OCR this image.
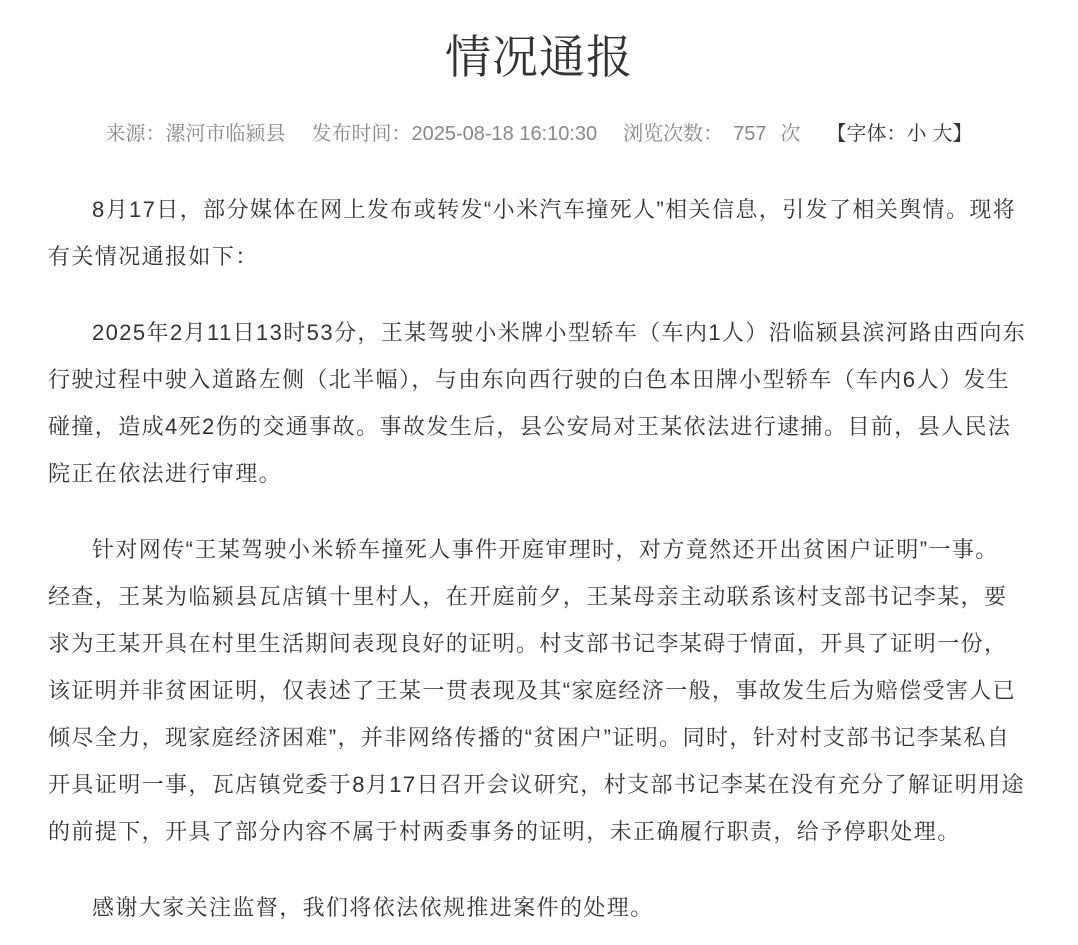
情况通报
来源： 漯河市临颍县 发布时间： 2025-08-18 16:10:30 浏览次数： 757 次 【字体： 小 大 】

8月17日，部分媒体在网上发布或转发“小米汽车撞死人”相关信息，引发了相关舆情。现将
有关情况通报如下：

2025年2月11日13时53分，王某驾驶小米牌小型轿车（车内1人）沿临颍县滨河路由西向东
行驶过程中驶入道路左侧（北半幅），与由东向西行驶的白色本田牌小型轿车（车内6人）发生
碰撞，造成4死2伤的交通事故。事故发生后，县公安局对王某依法进行逮捕。目前，县人民法
院正在依法进行审理。

针对网传“王某驾驶小米轿车撞死人事件开庭审理时，对方竟然还开出贫困户证明”一事。
经查，王某为临颍县瓦店镇十里村人，在开庭前夕，王某母亲主动联系该村支部书记李某，要
求为王某开具在村里生活期间表现良好的证明。村支部书记李某碍于情面，开具了证明一份，
该证明并非贫困证明，仅表述了王某一贯表现及其“家庭经济一般，事故发生后为赔偿受害人已
倾尽全力，现家庭经济困难”，并非网络传播的“贫困户”证明。同时，针对村支部书记李某私自
开具证明一事，瓦店镇党委于8月17日召开会议研究，村支部书记李某在没有充分了解证明用途
的前提下，开具了部分内容不属于村两委事务的证明，未正确履行职责，给予停职处理。

感谢大家关注监督，我们将依法依规推进案件的处理。
